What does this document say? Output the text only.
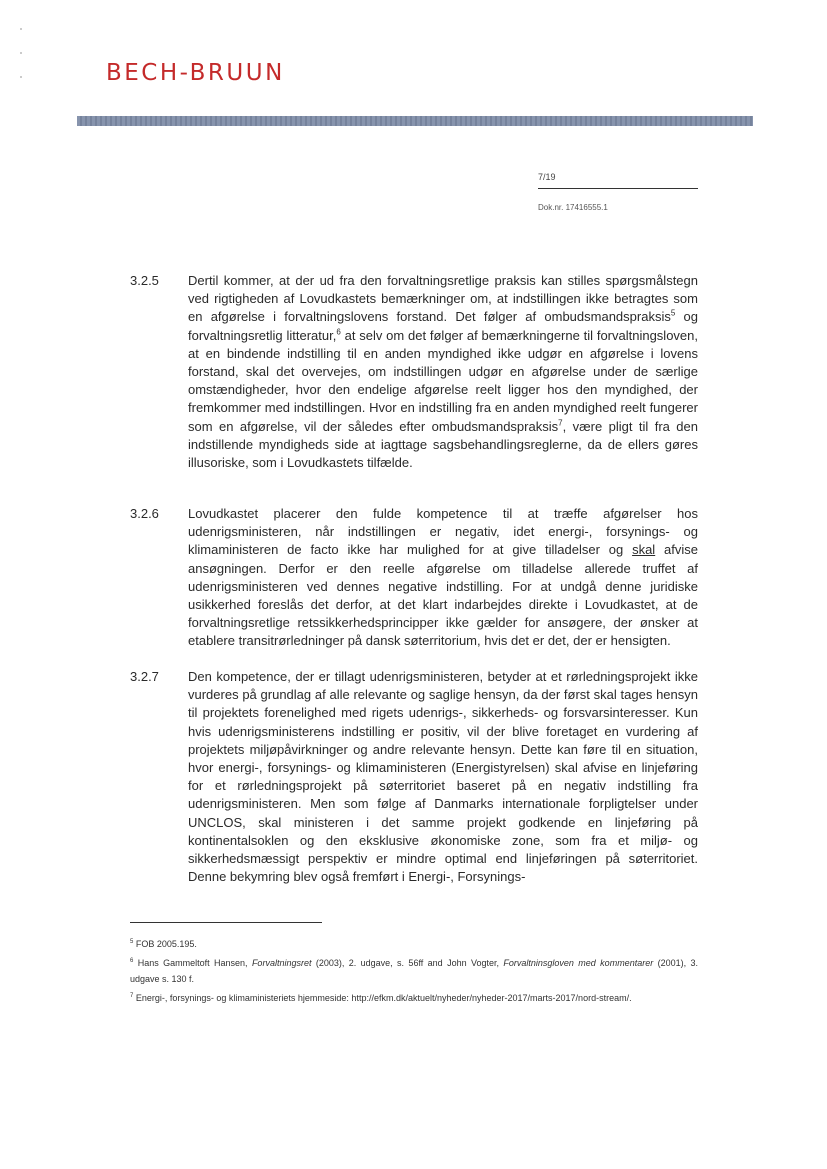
BECH-BRUUN
7/19
Dok.nr. 17416555.1
3.2.5 Dertil kommer, at der ud fra den forvaltningsretlige praksis kan stilles spørgsmålstegn ved rigtigheden af Lovudkastets bemærkninger om, at indstillingen ikke betragtes som en afgørelse i forvaltningslovens forstand. Det følger af ombudsmandspraksis$^5$ og forvaltningsretlig litteratur,$^6$ at selv om det følger af bemærkningerne til forvaltningsloven, at en bindende indstilling til en anden myndighed ikke udgør en afgørelse i lovens forstand, skal det overvejes, om indstillingen udgør en afgørelse under de særlige omstændigheder, hvor den endelige afgørelse reelt ligger hos den myndighed, der fremkommer med indstillingen. Hvor en indstilling fra en anden myndighed reelt fungerer som en afgørelse, vil der således efter ombudsmandspraksis$^7$, være pligt til fra den indstillende myndigheds side at iagttage sagsbehandlingsreglerne, da de ellers gøres illusoriske, som i Lovudkastets tilfælde.
3.2.6 Lovudkastet placerer den fulde kompetence til at træffe afgørelser hos udenrigsministeren, når indstillingen er negativ, idet energi-, forsynings- og klimaministeren de facto ikke har mulighed for at give tilladelser og skal afvise ansøgningen. Derfor er den reelle afgørelse om tilladelse allerede truffet af udenrigsministeren ved dennes negative indstilling. For at undgå denne juridiske usikkerhed foreslås det derfor, at det klart indarbejdes direkte i Lovudkastet, at de forvaltningsretlige retssikkerhedsprincipper ikke gælder for ansøgere, der ønsker at etablere transitrørledninger på dansk søterritorium, hvis det er det, der er hensigten.
3.2.7 Den kompetence, der er tillagt udenrigsministeren, betyder at et rørledningsprojekt ikke vurderes på grundlag af alle relevante og saglige hensyn, da der først skal tages hensyn til projektets forenelighed med rigets udenrigs-, sikkerheds- og forsvarsinteresser. Kun hvis udenrigsministerens indstilling er positiv, vil der blive foretaget en vurdering af projektets miljøpåvirkninger og andre relevante hensyn. Dette kan føre til en situation, hvor energi-, forsynings- og klimaministeren (Energistyrelsen) skal afvise en linjeføring for et rørledningsprojekt på søterritoriet baseret på en negativ indstilling fra udenrigsministeren. Men som følge af Danmarks internationale forpligtelser under UNCLOS, skal ministeren i det samme projekt godkende en linjeføring på kontinentalsoklen og den eksklusive økonomiske zone, som fra et miljø- og sikkerhedsmæssigt perspektiv er mindre optimal end linjeføringen på søterritoriet. Denne bekymring blev også fremført i Energi-, Forsynings-
$^5$ FOB 2005.195.
$^6$ Hans Gammeltoft Hansen, Forvaltningsret (2003), 2. udgave, s. 56ff and John Vogter, Forvaltninsgloven med kommentarer (2001), 3. udgave s. 130 f.
$^7$ Energi-, forsynings- og klimaministeriets hjemmeside: http://efkm.dk/aktuelt/nyheder/nyheder-2017/marts-2017/nord-stream/.
